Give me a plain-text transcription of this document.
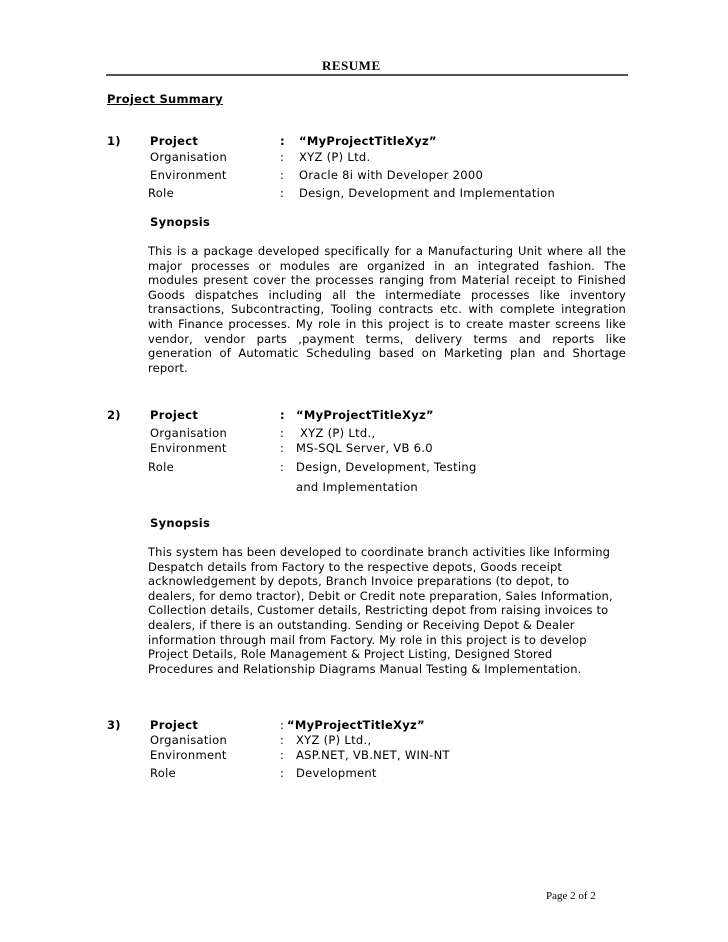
RESUME
Project Summary
1)	Project	: “MyProjectTitleXyz”
Organisation	: XYZ (P) Ltd.
Environment	: Oracle 8i with Developer 2000
Role	: Design, Development and Implementation
Synopsis

This is a package developed specifically for a Manufacturing Unit where all the major processes or modules are organized in an integrated fashion. The modules present cover the processes ranging from Material receipt to Finished Goods dispatches including all the intermediate processes like inventory transactions, Subcontracting, Tooling contracts etc. with complete integration with Finance processes. My role in this project is to create master screens like vendor, vendor parts ,payment terms, delivery terms and reports like generation of Automatic Scheduling based on Marketing plan and Shortage report.

2)	Project	: “MyProjectTitleXyz”
Organisation	: XYZ (P) Ltd.,
Environment	: MS-SQL Server, VB 6.0
Role	: Design, Development, Testing
and Implementation
Synopsis
This system has been developed to coordinate branch activities like Informing
Despatch details from Factory to the respective depots, Goods receipt
acknowledgement by depots, Branch Invoice preparations (to depot, to
dealers, for demo tractor), Debit or Credit note preparation, Sales Information,
Collection details, Customer details, Restricting depot from raising invoices to
dealers, if there is an outstanding. Sending or Receiving Depot & Dealer
information through mail from Factory. My role in this project is to develop
Project Details, Role Management & Project Listing, Designed Stored
Procedures and Relationship Diagrams Manual Testing & Implementation.
3)	Project	: “MyProjectTitleXyz”
Organisation	: XYZ (P) Ltd.,
Environment	: ASP.NET, VB.NET, WIN-NT
Role	: Development
Page 2 of 2
